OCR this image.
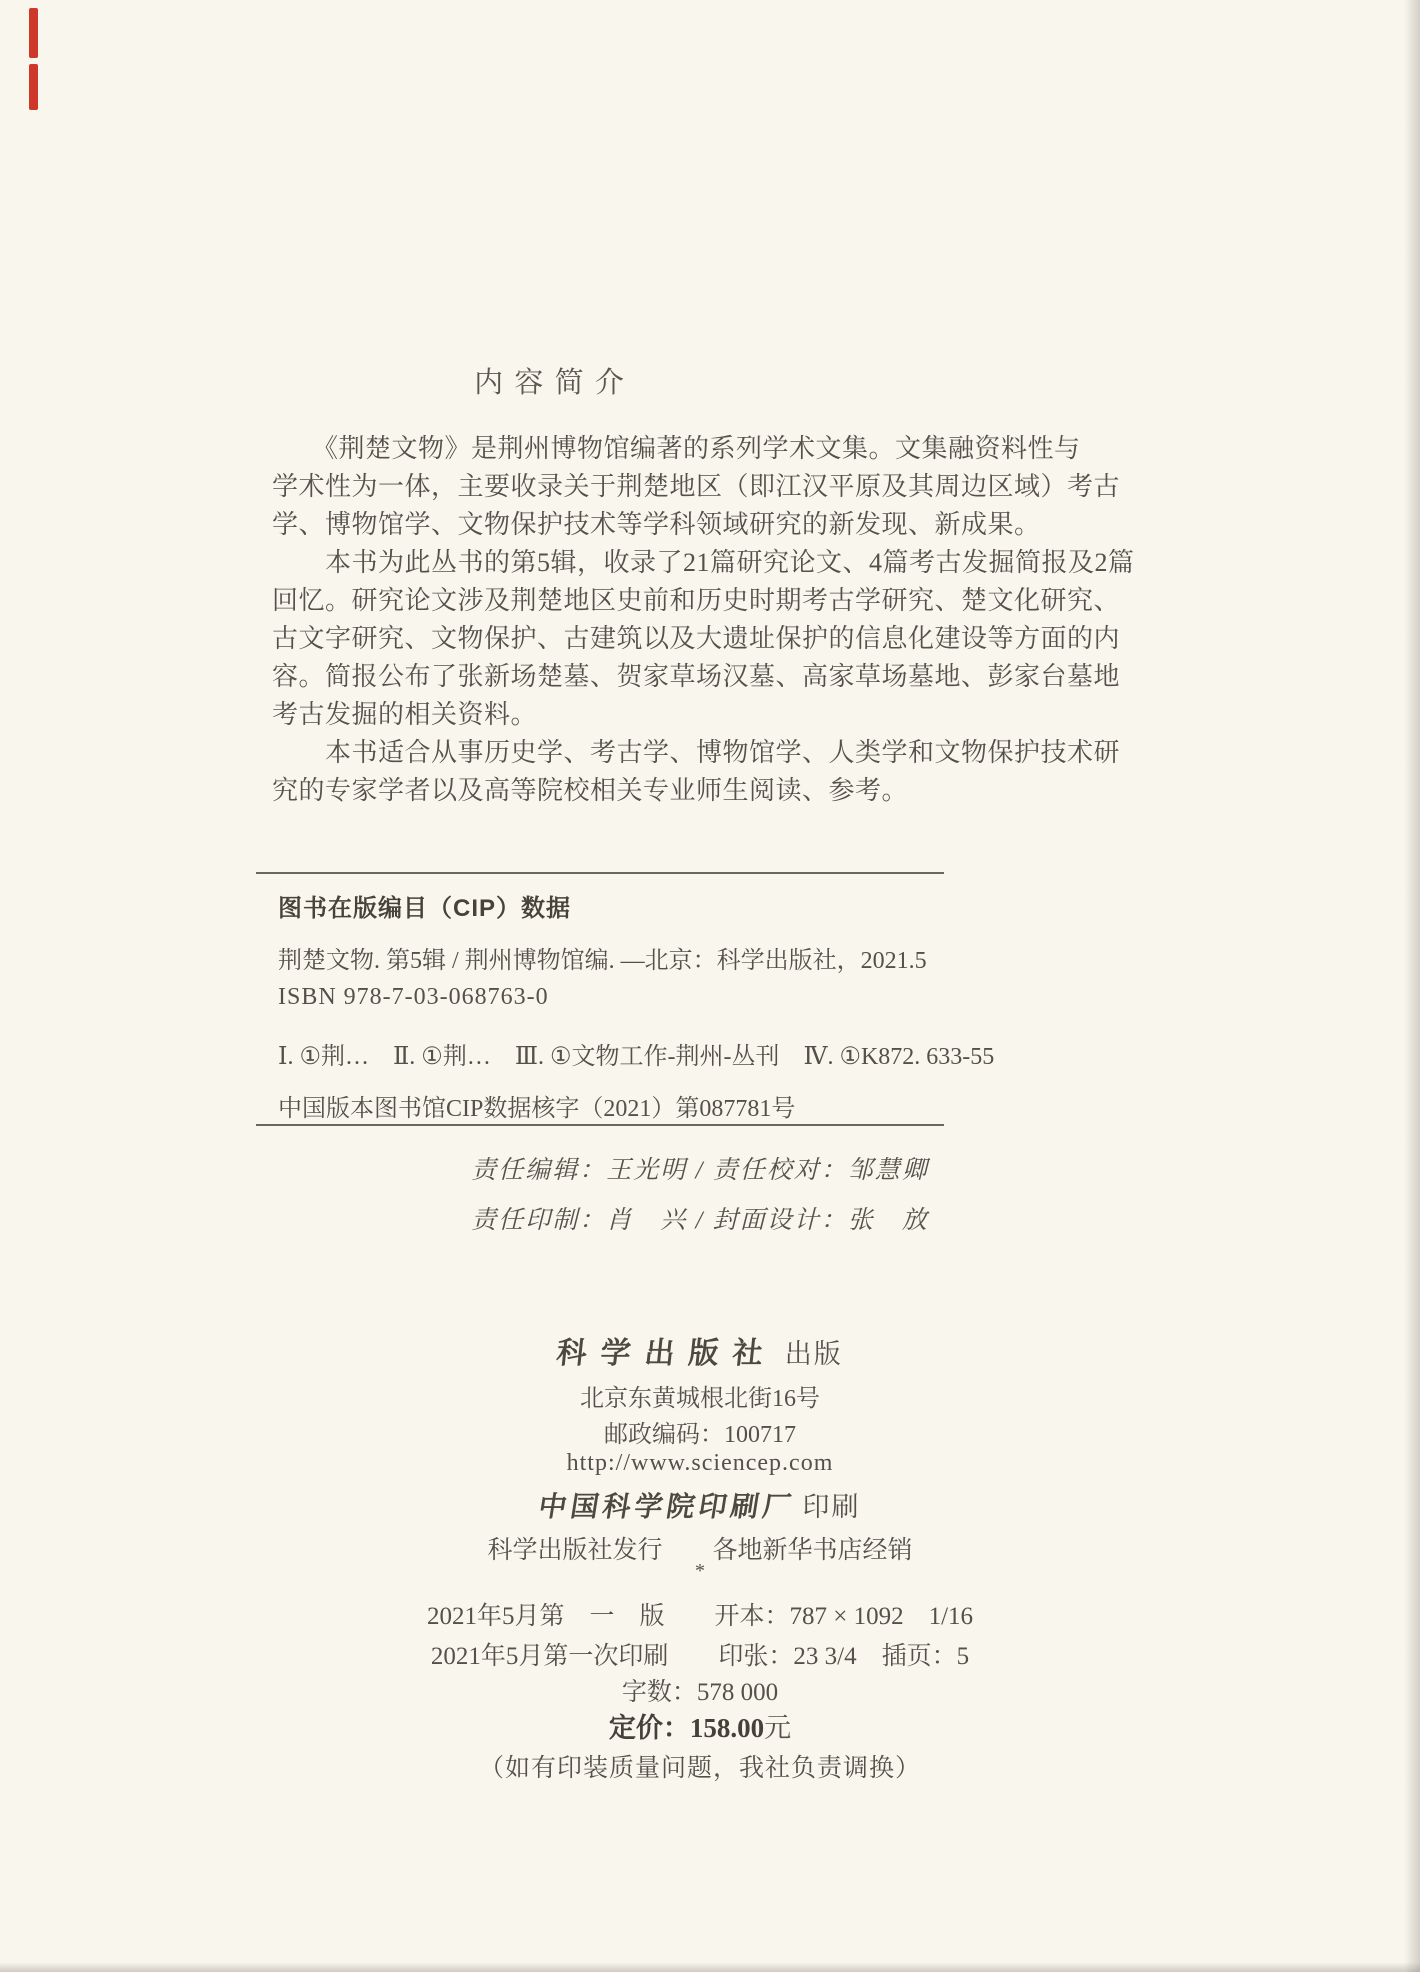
内 容 简 介
　　《荆楚文物》是荆州博物馆编著的系列学术文集。文集融资料性与
学术性为一体，主要收录关于荆楚地区（即江汉平原及其周边区域）考古
学、博物馆学、文物保护技术等学科领域研究的新发现、新成果。
　　本书为此丛书的第5辑，收录了21篇研究论文、4篇考古发掘简报及2篇
回忆。研究论文涉及荆楚地区史前和历史时期考古学研究、楚文化研究、
古文字研究、文物保护、古建筑以及大遗址保护的信息化建设等方面的内
容。简报公布了张新场楚墓、贺家草场汉墓、高家草场墓地、彭家台墓地
考古发掘的相关资料。
　　本书适合从事历史学、考古学、博物馆学、人类学和文物保护技术研
究的专家学者以及高等院校相关专业师生阅读、参考。
图书在版编目（CIP）数据
荆楚文物. 第5辑 / 荆州博物馆编. —北京：科学出版社，2021.5
ISBN 978-7-03-068763-0
Ⅰ. ①荆…　Ⅱ. ①荆…　Ⅲ. ①文物工作-荆州-丛刊　Ⅳ. ①K872. 633-55
中国版本图书馆CIP数据核字（2021）第087781号
责任编辑：王光明 / 责任校对：邹慧卿
责任印制：肖　兴 / 封面设计：张　放
科学出版社 出版
北京东黄城根北街16号
邮政编码：100717
http://www.sciencep.com
中国科学院印刷厂 印刷
科学出版社发行　　各地新华书店经销
*
2021年5月第　一　版　　开本：787 × 1092　1/16
2021年5月第一次印刷　　印张：23 3/4　插页：5
字数：578 000
定价：158.00元
（如有印装质量问题，我社负责调换）
